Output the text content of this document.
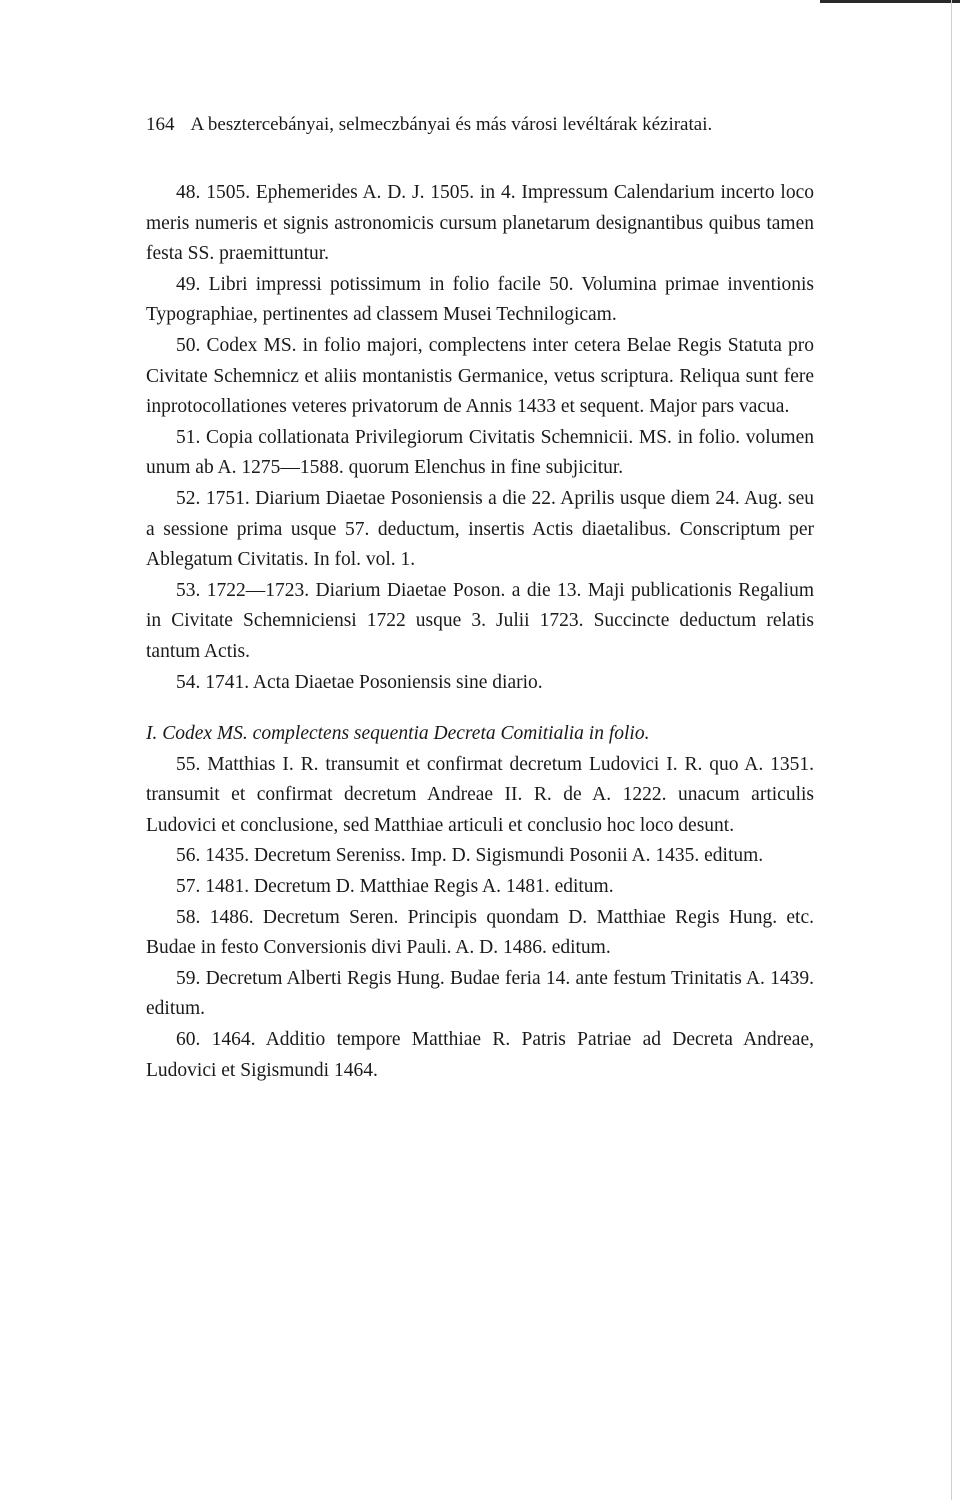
164 A besztercebányai, selmeczbányai és más városi levéltárak kéziratai.

48. 1505. Ephemerides A. D. J. 1505. in 4. Impressum Calendarium incerto loco meris numeris et signis astronomicis cursum planetarum designantibus quibus tamen festa SS. praemittuntur.

49. Libri impressi potissimum in folio facile 50. Volumina primae inventionis Typographiae, pertinentes ad classem Musei Technilogicam.

50. Codex MS. in folio majori, complectens inter cetera Belae Regis Statuta pro Civitate Schemnicz et aliis montanistis Germanice, vetus scriptura. Reliqua sunt fere inprotocollationes veteres privatorum de Annis 1433 et sequent. Major pars vacua.

51. Copia collationata Privilegiorum Civitatis Schemnicii. MS. in folio. volumen unum ab A. 1275—1588. quorum Elenchus in fine subjicitur.

52. 1751. Diarium Diaetae Posoniensis a die 22. Aprilis usque diem 24. Aug. seu a sessione prima usque 57. deductum, insertis Actis diaetalibus. Conscriptum per Ablegatum Civitatis. In fol. vol. 1.

53. 1722—1723. Diarium Diaetae Poson. a die 13. Maji publicationis Regalium in Civitate Schemniciensi 1722 usque 3. Julii 1723. Succincte deductum relatis tantum Actis.

54. 1741. Acta Diaetae Posoniensis sine diario.

I. Codex MS. complectens sequentia Decreta Comitialia in folio.

55. Matthias I. R. transumit et confirmat decretum Ludovici I. R. quo A. 1351. transumit et confirmat decretum Andreae II. R. de A. 1222. unacum articulis Ludovici et conclusione, sed Matthiae articuli et conclusio hoc loco desunt.

56. 1435. Decretum Sereniss. Imp. D. Sigismundi Posonii A. 1435. editum.

57. 1481. Decretum D. Matthiae Regis A. 1481. editum.

58. 1486. Decretum Seren. Principis quondam D. Matthiae Regis Hung. etc. Budae in festo Conversionis divi Pauli. A. D. 1486. editum.

59. Decretum Alberti Regis Hung. Budae feria 14. ante festum Trinitatis A. 1439. editum.

60. 1464. Additio tempore Matthiae R. Patris Patriae ad Decreta Andreae, Ludovici et Sigismundi 1464.
